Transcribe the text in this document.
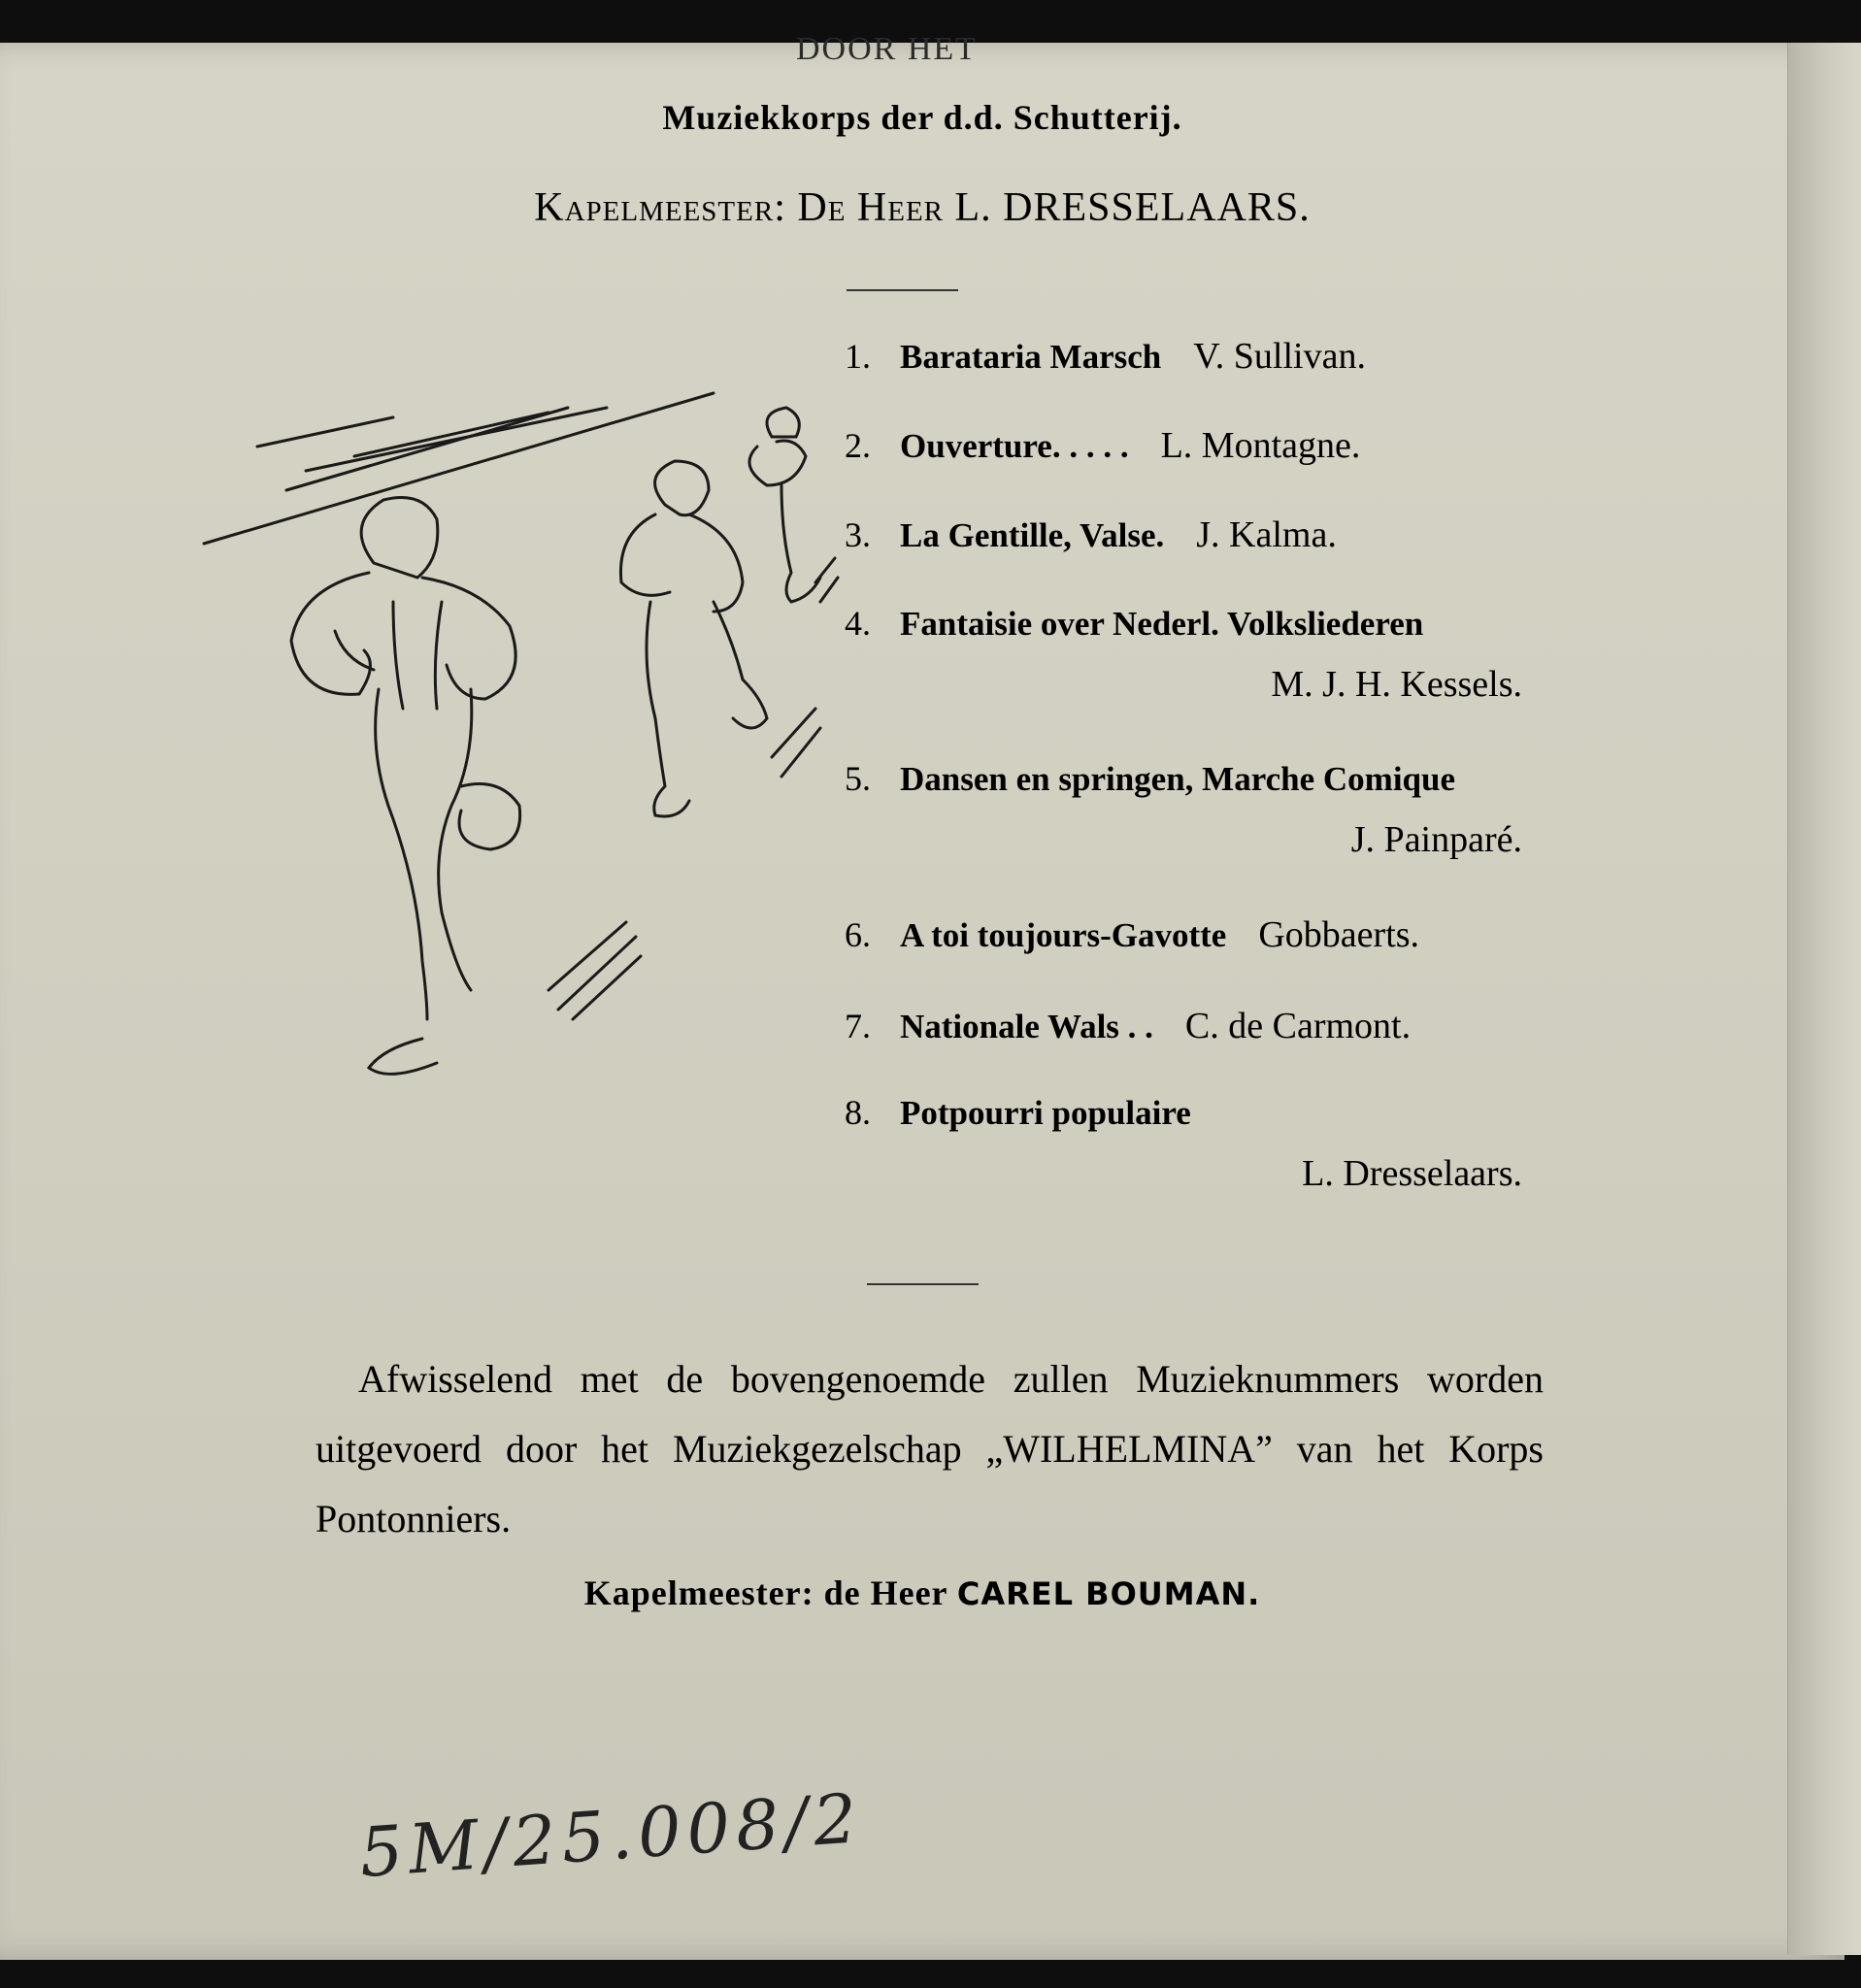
DOOR HET
Muziekkorps der d.d. Schutterij.
Kapelmeester: De Heer L. DRESSELAARS.
1. Barataria Marsch V. Sullivan.
2. Ouverture. . . . . L. Montagne.
3. La Gentille, Valse. J. Kalma.
4. Fantaisie over Nederl. Volksliederen
M. J. H. Kessels.
5. Dansen en springen, Marche Comique
J. Painparé.
6. A toi toujours-Gavotte Gobbaerts.
7. Nationale Wals . . C. de Carmont.
8. Potpourri populaire
L. Dresselaars.
Afwisselend met de bovengenoemde zullen Muzieknummers worden uitgevoerd door het Muziekgezelschap „WILHELMINA” van het Korps Pontonniers.
Kapelmeester: de Heer CAREL BOUMAN.
5M/25.008/2
